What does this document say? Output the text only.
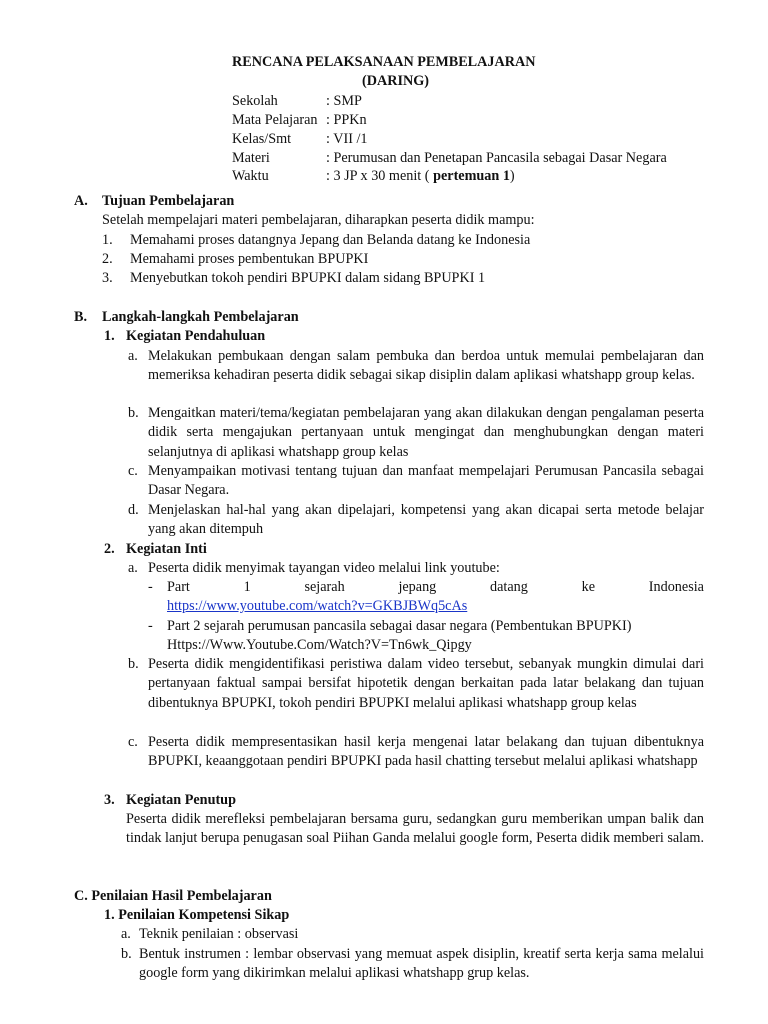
RENCANA PELAKSANAAN PEMBELAJARAN
(DARING)
Sekolah	: SMP
Mata Pelajaran : PPKn
Kelas/Smt : VII /1
Materi	: Perumusan dan Penetapan Pancasila sebagai Dasar Negara
Waktu	: 3 JP x 30 menit ( pertemuan 1)
A. Tujuan Pembelajaran
Setelah mempelajari materi pembelajaran, diharapkan peserta didik mampu:
1. Memahami proses datangnya Jepang dan Belanda datang ke Indonesia
2. Memahami proses pembentukan BPUPKI
3. Menyebutkan tokoh pendiri BPUPKI dalam sidang BPUPKI 1
B. Langkah-langkah Pembelajaran
1. Kegiatan Pendahuluan
a. Melakukan pembukaan dengan salam pembuka dan berdoa untuk memulai pembelajaran dan memeriksa kehadiran peserta didik sebagai sikap disiplin dalam aplikasi whatshapp group kelas.
b. Mengaitkan materi/tema/kegiatan pembelajaran yang akan dilakukan dengan pengalaman peserta didik serta mengajukan pertanyaan untuk mengingat dan menghubungkan dengan materi selanjutnya di aplikasi whatshapp group kelas
c. Menyampaikan motivasi tentang tujuan dan manfaat mempelajari Perumusan Pancasila sebagai Dasar Negara.
d. Menjelaskan hal-hal yang akan dipelajari, kompetensi yang akan dicapai serta metode belajar yang akan ditempuh
2. Kegiatan Inti
a. Peserta didik menyimak tayangan video melalui link youtube:
- Part	1	sejarah	jepang	datang	ke	Indonesia
https://www.youtube.com/watch?v=GKBJBWq5cAs
- Part 2 sejarah perumusan pancasila sebagai dasar negara (Pembentukan BPUPKI)
Https://Www.Youtube.Com/Watch?V=Tn6wk_Qipgy
b. Peserta didik mengidentifikasi peristiwa dalam video tersebut, sebanyak mungkin dimulai dari pertanyaan faktual sampai bersifat hipotetik dengan berkaitan pada latar belakang dan tujuan dibentuknya BPUPKI, tokoh pendiri BPUPKI melalui aplikasi whatshapp group kelas
c. Peserta didik mempresentasikan hasil kerja mengenai latar belakang dan tujuan dibentuknya BPUPKI, keaanggotaan pendiri BPUPKI pada hasil chatting tersebut melalui aplikasi whatshapp
3. Kegiatan Penutup
Peserta didik merefleksi pembelajaran bersama guru, sedangkan guru memberikan umpan balik dan tindak lanjut berupa penugasan soal Piihan Ganda melalui google form, Peserta didik memberi salam.
C. Penilaian Hasil Pembelajaran
1. Penilaian Kompetensi Sikap
a. Teknik penilaian : observasi
b. Bentuk instrumen : lembar observasi yang memuat aspek disiplin, kreatif serta kerja sama melalui google form yang dikirimkan melalui aplikasi whatshapp grup kelas.
